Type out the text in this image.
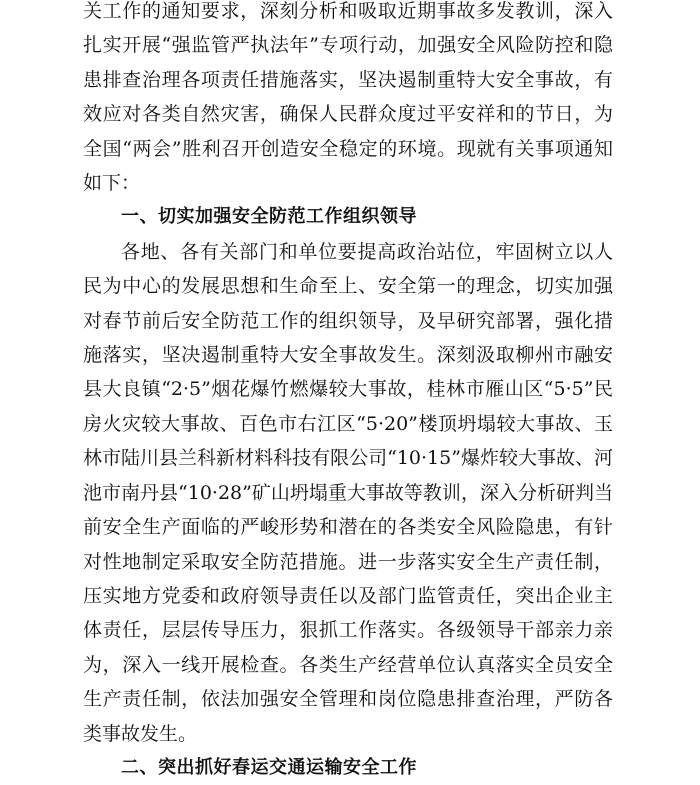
关工作的通知要求，深刻分析和吸取近期事故多发教训，深入扎实开展“强监管严执法年”专项行动，加强安全风险防控和隐患排查治理各项责任措施落实，坚决遏制重特大安全事故，有效应对各类自然灾害，确保人民群众度过平安祥和的节日，为全国“两会”胜利召开创造安全稳定的环境。现就有关事项通知如下：

一、切实加强安全防范工作组织领导

各地、各有关部门和单位要提高政治站位，牢固树立以人民为中心的发展思想和生命至上、安全第一的理念，切实加强对春节前后安全防范工作的组织领导，及早研究部署，强化措施落实，坚决遏制重特大安全事故发生。深刻汲取柳州市融安县大良镇“2·5”烟花爆竹燃爆较大事故，桂林市雁山区“5·5”民房火灾较大事故、百色市右江区“5·20”楼顶坍塌较大事故、玉林市陆川县兰科新材料科技有限公司“10·15”爆炸较大事故、河池市南丹县“10·28”矿山坍塌重大事故等教训，深入分析研判当前安全生产面临的严峻形势和潜在的各类安全风险隐患，有针对性地制定采取安全防范措施。进一步落实安全生产责任制，压实地方党委和政府领导责任以及部门监管责任，突出企业主体责任，层层传导压力，狠抓工作落实。各级领导干部亲力亲为，深入一线开展检查。各类生产经营单位认真落实全员安全生产责任制，依法加强安全管理和岗位隐患排查治理，严防各类事故发生。

二、突出抓好春运交通运输安全工作
